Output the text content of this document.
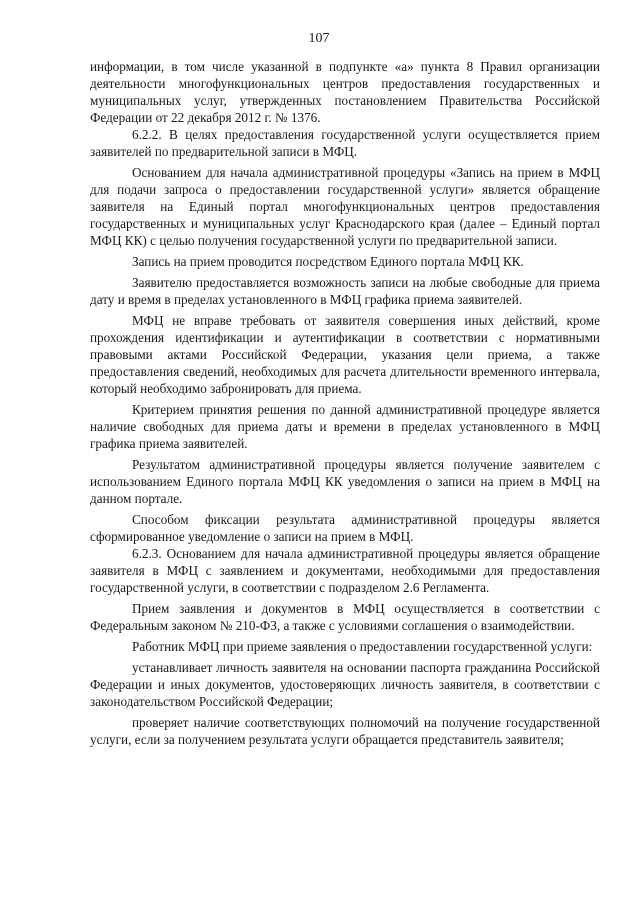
107

информации, в том числе указанной в подпункте «а» пункта 8 Правил организации деятельности многофункциональных центров предоставления государственных и муниципальных услуг, утвержденных постановлением Правительства Российской Федерации от 22 декабря 2012 г. № 1376.

6.2.2. В целях предоставления государственной услуги осуществляется прием заявителей по предварительной записи в МФЦ.

Основанием для начала административной процедуры «Запись на прием в МФЦ для подачи запроса о предоставлении государственной услуги» является обращение заявителя на Единый портал многофункциональных центров предоставления государственных и муниципальных услуг Краснодарского края (далее – Единый портал МФЦ КК) с целью получения государственной услуги по предварительной записи.

Запись на прием проводится посредством Единого портала МФЦ КК.

Заявителю предоставляется возможность записи на любые свободные для приема дату и время в пределах установленного в МФЦ графика приема заявителей.

МФЦ не вправе требовать от заявителя совершения иных действий, кроме прохождения идентификации и аутентификации в соответствии с нормативными правовыми актами Российской Федерации, указания цели приема, а также предоставления сведений, необходимых для расчета длительности временного интервала, который необходимо забронировать для приема.

Критерием принятия решения по данной административной процедуре является наличие свободных для приема даты и времени в пределах установленного в МФЦ графика приема заявителей.

Результатом административной процедуры является получение заявителем с использованием Единого портала МФЦ КК уведомления о записи на прием в МФЦ на данном портале.

Способом фиксации результата административной процедуры является сформированное уведомление о записи на прием в МФЦ.

6.2.3. Основанием для начала административной процедуры является обращение заявителя в МФЦ с заявлением и документами, необходимыми для предоставления государственной услуги, в соответствии с подразделом 2.6 Регламента.

Прием заявления и документов в МФЦ осуществляется в соответствии с Федеральным законом № 210-ФЗ, а также с условиями соглашения о взаимодействии.

Работник МФЦ при приеме заявления о предоставлении государственной услуги:

устанавливает личность заявителя на основании паспорта гражданина Российской Федерации и иных документов, удостоверяющих личность заявителя, в соответствии с законодательством Российской Федерации;

проверяет наличие соответствующих полномочий на получение государственной услуги, если за получением результата услуги обращается представитель заявителя;
